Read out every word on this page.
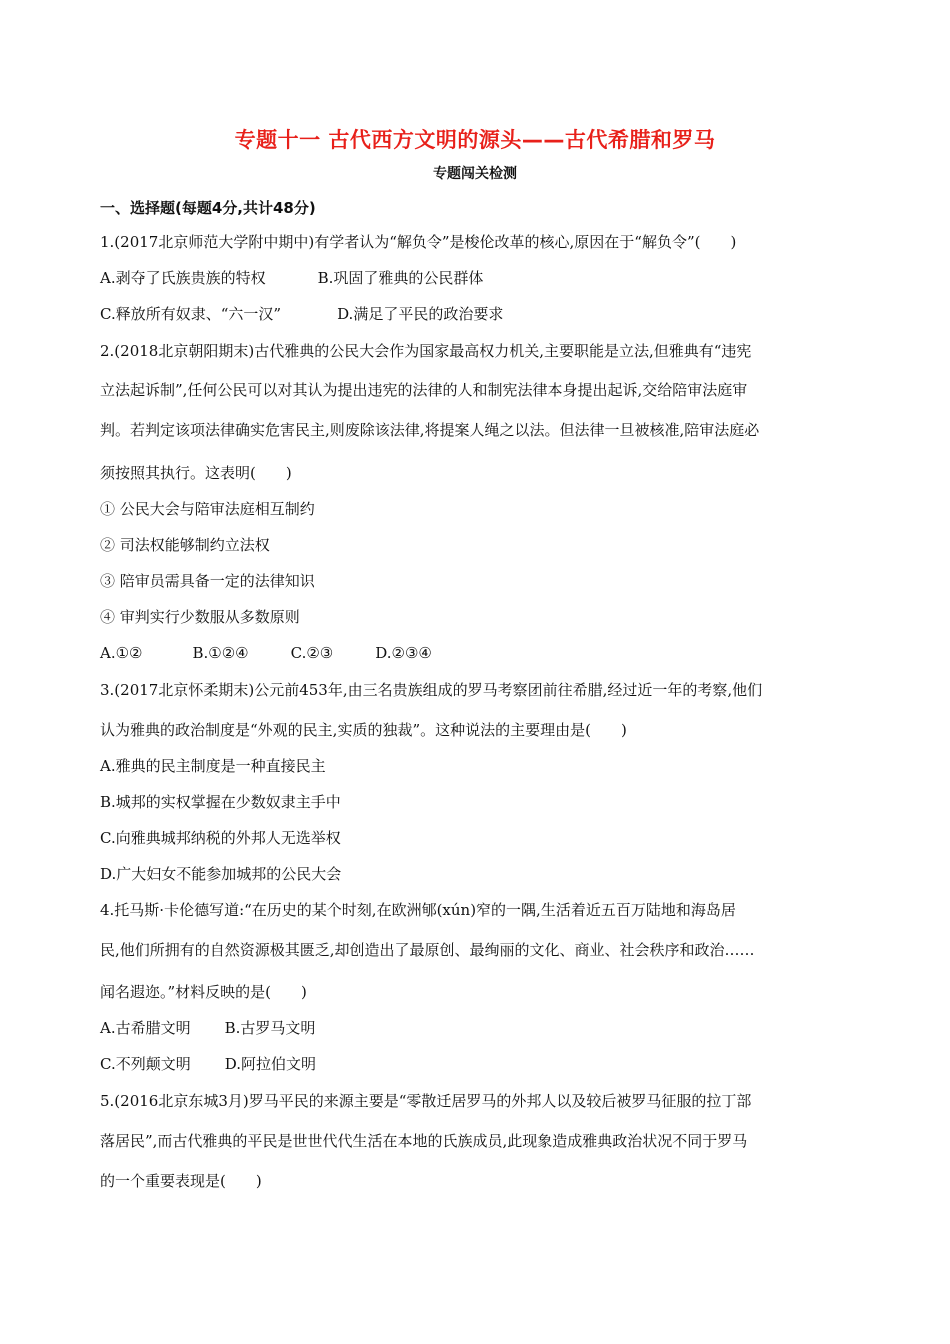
专题十一 古代西方文明的源头——古代希腊和罗马
专题闯关检测
一、选择题(每题4分,共计48分)
1.(2017北京师范大学附中期中)有学者认为“解负令”是梭伦改革的核心,原因在于“解负令”(　　)
A.剥夺了氏族贵族的特权	B.巩固了雅典的公民群体
C.释放所有奴隶、“六一汉”	D.满足了平民的政治要求
2.(2018北京朝阳期末)古代雅典的公民大会作为国家最高权力机关,主要职能是立法,但雅典有“违宪
立法起诉制”,任何公民可以对其认为提出违宪的法律的人和制宪法律本身提出起诉,交给陪审法庭审
判。若判定该项法律确实危害民主,则废除该法律,将提案人绳之以法。但法律一旦被核准,陪审法庭必
须按照其执行。这表明(　　)
① 公民大会与陪审法庭相互制约
② 司法权能够制约立法权
③ 陪审员需具备一定的法律知识
④ 审判实行少数服从多数原则
A.①②	B.①②④	C.②③	D.②③④
3.(2017北京怀柔期末)公元前453年,由三名贵族组成的罗马考察团前往希腊,经过近一年的考察,他们
认为雅典的政治制度是“外观的民主,实质的独裁”。这种说法的主要理由是(　　)
A.雅典的民主制度是一种直接民主
B.城邦的实权掌握在少数奴隶主手中
C.向雅典城邦纳税的外邦人无选举权
D.广大妇女不能参加城邦的公民大会
4.托马斯·卡伦德写道:“在历史的某个时刻,在欧洲郇(xún)窄的一隅,生活着近五百万陆地和海岛居
民,他们所拥有的自然资源极其匮乏,却创造出了最原创、最绚丽的文化、商业、社会秩序和政治……
闻名遐迩。”材料反映的是(　　)
A.古希腊文明 B.古罗马文明
C.不列颠文明 D.阿拉伯文明
5.(2016北京东城3月)罗马平民的来源主要是“零散迁居罗马的外邦人以及较后被罗马征服的拉丁部
落居民”,而古代雅典的平民是世世代代生活在本地的氏族成员,此现象造成雅典政治状况不同于罗马
的一个重要表现是(　　)
